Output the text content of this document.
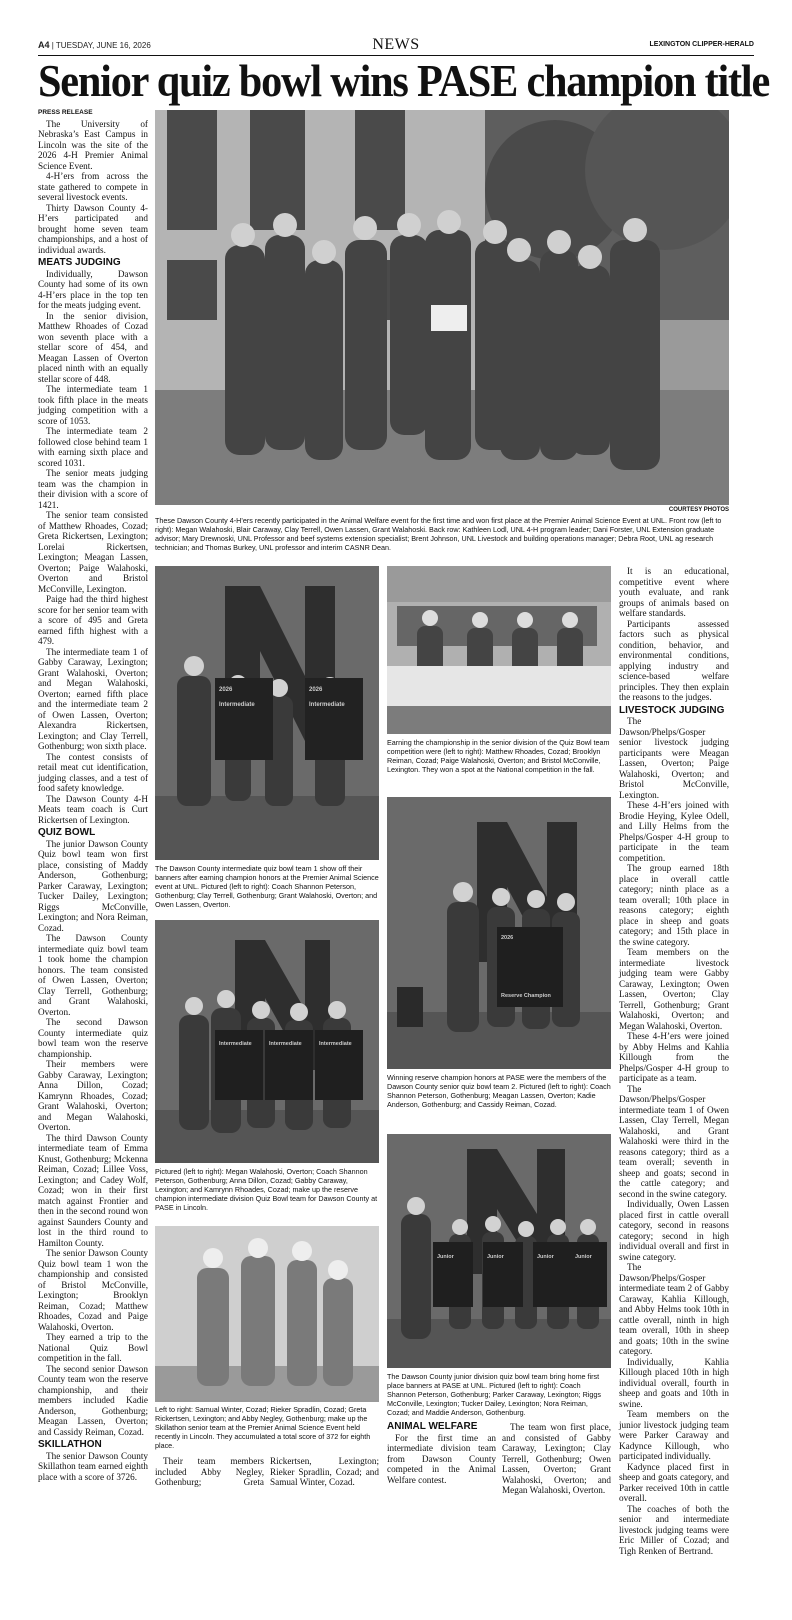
A4 | TUESDAY, JUNE 16, 2026	NEWS	LEXINGTON CLIPPER-HERALD
Senior quiz bowl wins PASE champion title
PRESS RELEASE

The University of Nebraska’s East Campus in Lincoln was the site of the 2026 4-H Premier Animal Science Event.

4-H’ers from across the state gathered to compete in several livestock events.

Thirty Dawson County 4-H’ers participated and brought home seven team championships, and a host of individual awards.

MEATS JUDGING

Individually, Dawson County had some of its own 4-H’ers place in the top ten for the meats judging event.

In the senior division, Matthew Rhoades of Cozad won seventh place with a stellar score of 454, and Meagan Lassen of Overton placed ninth with an equally stellar score of 448.

The intermediate team 1 took fifth place in the meats judging competition with a score of 1053.

The intermediate team 2 followed close behind team 1 with earning sixth place and scored 1031.

The senior meats judging team was the champion in their division with a score of 1421.

The senior team consisted of Matthew Rhoades, Cozad; Greta Rickertsen, Lexington; Lorelai Rickertsen, Lexington; Meagan Lassen, Overton; Paige Walahoski, Overton and Bristol McConville, Lexington.

Paige had the third highest score for her senior team with a score of 495 and Greta earned fifth highest with a 479.

The intermediate team 1 of Gabby Caraway, Lexington; Grant Walahoski, Overton; and Megan Walahoski, Overton; earned fifth place and the intermediate team 2 of Owen Lassen, Overton; Alexandra Rickertsen, Lexington; and Clay Terrell, Gothenburg; won sixth place.

The contest consists of retail meat cut identification, judging classes, and a test of food safety knowledge.

The Dawson County 4-H Meats team coach is Curt Rickertsen of Lexington.

QUIZ BOWL

The junior Dawson County Quiz bowl team won first place, consisting of Maddy Anderson, Gothenburg; Parker Caraway, Lexington; Tucker Dailey, Lexington; Riggs McConville, Lexington; and Nora Reiman, Cozad.

The Dawson County intermediate quiz bowl team 1 took home the champion honors. The team consisted of Owen Lassen, Overton; Clay Terrell, Gothenburg; and Grant Walahoski, Overton.

The second Dawson County intermediate quiz bowl team won the reserve championship.

Their members were Gabby Caraway, Lexington; Anna Dillon, Cozad; Kamrynn Rhoades, Cozad; Grant Walahoski, Overton; and Megan Walahoski, Overton.

The third Dawson County intermediate team of Emma Knust, Gothenburg; Mckenna Reiman, Cozad; Lillee Voss, Lexington; and Cadey Wolf, Cozad; won in their first match against Frontier and then in the second round won against Saunders County and lost in the third round to Hamilton County.

The senior Dawson County Quiz bowl team 1 won the championship and consisted of Bristol McConville, Lexington; Brooklyn Reiman, Cozad; Matthew Rhoades, Cozad and Paige Walahoski, Overton.

They earned a trip to the National Quiz Bowl competition in the fall.

The second senior Dawson County team won the reserve championship, and their members included Kadie Anderson, Gothenburg; Meagan Lassen, Overton; and Cassidy Reiman, Cozad.

SKILLATHON

The senior Dawson County Skillathon team earned eighth place with a score of 3726.

COURTESY PHOTOS
These Dawson County 4-H’ers recently participated in the Animal Welfare event for the first time and won first place at the Premier Animal Science Event at UNL. Front row (left to right): Megan Walahoski, Blair Caraway, Clay Terrell, Owen Lassen, Grant Walahoski. Back row: Kathleen Lodl, UNL 4-H program leader; Dani Forster, UNL Extension graduate advisor; Mary Drewnoski, UNL Professor and beef systems extension specialist; Brent Johnson, UNL Livestock and building operations manager; Debra Root, UNL ag research technician; and Thomas Burkey, UNL professor and interim CASNR Dean.
2026
Intermediate
2026
Intermediate
The Dawson County intermediate quiz bowl team 1 show off their banners after earning champion honors at the Premier Animal Science event at UNL. Pictured (left to right): Coach Shannon Peterson, Gothenburg; Clay Terrell, Gothenburg; Grant Walahoski, Overton; and Owen Lassen, Overton.
Intermediate	Intermediate	Intermediate
Pictured (left to right): Megan Walahoski, Overton; Coach Shannon Peterson, Gothenburg; Anna Dillon, Cozad; Gabby Caraway, Lexington; and Kamrynn Rhoades, Cozad; make up the reserve champion intermediate division Quiz Bowl team for Dawson County at PASE in Lincoln.
Left to right: Samual Winter, Cozad; Rieker Spradlin, Cozad; Greta Rickertsen, Lexington; and Abby Negley, Gothenburg; make up the Skillathon senior team at the Premier Animal Science Event held recently in Lincoln. They accumulated a total score of 372 for eighth place.

Their team members included Abby Negley, Gothenburg; Greta Rickertsen, Lexington; Rieker Spradlin, Cozad; and Samual Winter, Cozad.

Earning the championship in the senior division of the Quiz Bowl team competition were (left to right): Matthew Rhoades, Cozad; Brooklyn Reiman, Cozad; Paige Walahoski, Overton; and Bristol McConville, Lexington. They won a spot at the National competition in the fall.
2026
Reserve Champion
Winning reserve champion honors at PASE were the members of the Dawson County senior quiz bowl team 2. Pictured (left to right): Coach Shannon Peterson, Gothenburg; Meagan Lassen, Overton; Kadie Anderson, Gothenburg; and Cassidy Reiman, Cozad.
Junior	Junior	Junior	Junior
The Dawson County junior division quiz bowl team bring home first place banners at PASE at UNL. Pictured (left to right): Coach Shannon Peterson, Gothenburg; Parker Caraway, Lexington; Riggs McConville, Lexington; Tucker Dailey, Lexington; Nora Reiman, Cozad; and Maddie Anderson, Gothenburg.
ANIMAL WELFARE

For the first time an intermediate division team from Dawson County competed in the Animal Welfare contest.

The team won first place, and consisted of Gabby Caraway, Lexington; Clay Terrell, Gothenburg; Owen Lassen, Overton; Grant Walahoski, Overton; and Megan Walahoski, Overton.

It is an educational, competitive event where youth evaluate, and rank groups of animals based on welfare standards.

Participants assessed factors such as physical condition, behavior, and environmental conditions, applying industry and science-based welfare principles. They then explain the reasons to the judges.

LIVESTOCK JUDGING

The Dawson/Phelps/Gosper senior livestock judging participants were Meagan Lassen, Overton; Paige Walahoski, Overton; and Bristol McConville, Lexington.

These 4-H’ers joined with Brodie Heying, Kylee Odell, and Lilly Helms from the Phelps/Gosper 4-H group to participate in the team competition.

The group earned 18th place in overall cattle category; ninth place as a team overall; 10th place in reasons category; eighth place in sheep and goats category; and 15th place in the swine category.

Team members on the intermediate livestock judging team were Gabby Caraway, Lexington; Owen Lassen, Overton; Clay Terrell, Gothenburg; Grant Walahoski, Overton; and Megan Walahoski, Overton.

These 4-H’ers were joined by Abby Helms and Kahlia Killough from the Phelps/Gosper 4-H group to participate as a team.

The Dawson/Phelps/Gosper intermediate team 1 of Owen Lassen, Clay Terrell, Megan Walahoski, and Grant Walahoski were third in the reasons category; third as a team overall; seventh in sheep and goats; second in the cattle category; and second in the swine category.

Individually, Owen Lassen placed first in cattle overall category, second in reasons category; second in high individual overall and first in swine category.

The Dawson/Phelps/Gosper intermediate team 2 of Gabby Caraway, Kahlia Killough, and Abby Helms took 10th in cattle overall, ninth in high team overall, 10th in sheep and goats; 10th in the swine category.

Individually, Kahlia Killough placed 10th in high individual overall, fourth in sheep and goats and 10th in swine.

Team members on the junior livestock judging team were Parker Caraway and Kadynce Killough, who participated individually.

Kadynce placed first in sheep and goats category, and Parker received 10th in cattle overall.

The coaches of both the senior and intermediate livestock judging teams were Eric Miller of Cozad; and Tigh Renken of Bertrand.
